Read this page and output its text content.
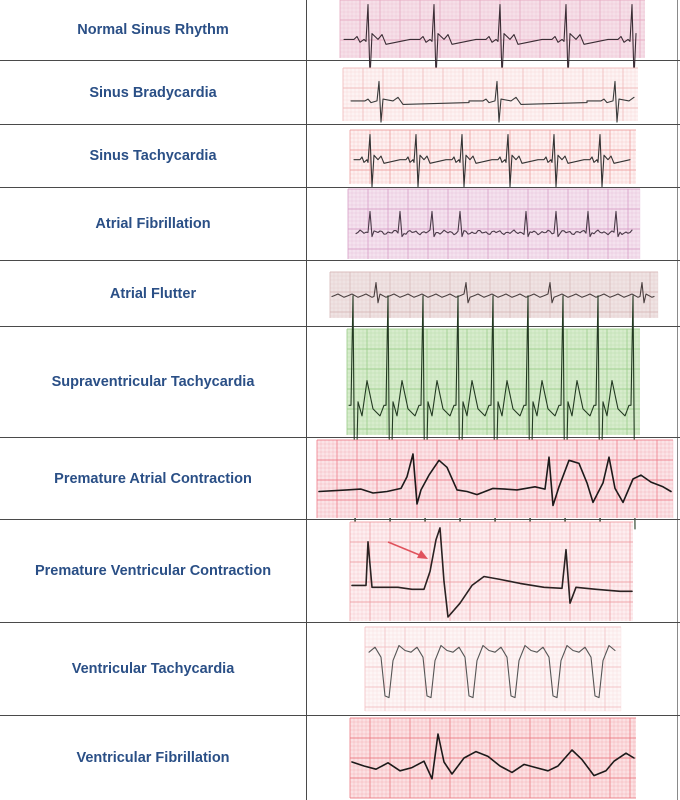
Normal Sinus Rhythm
Sinus Bradycardia
Sinus Tachycardia
Atrial Fibrillation
Atrial Flutter
Supraventricular Tachycardia
Premature Atrial Contraction
Premature Ventricular Contraction
Ventricular Tachycardia
Ventricular Fibrillation
